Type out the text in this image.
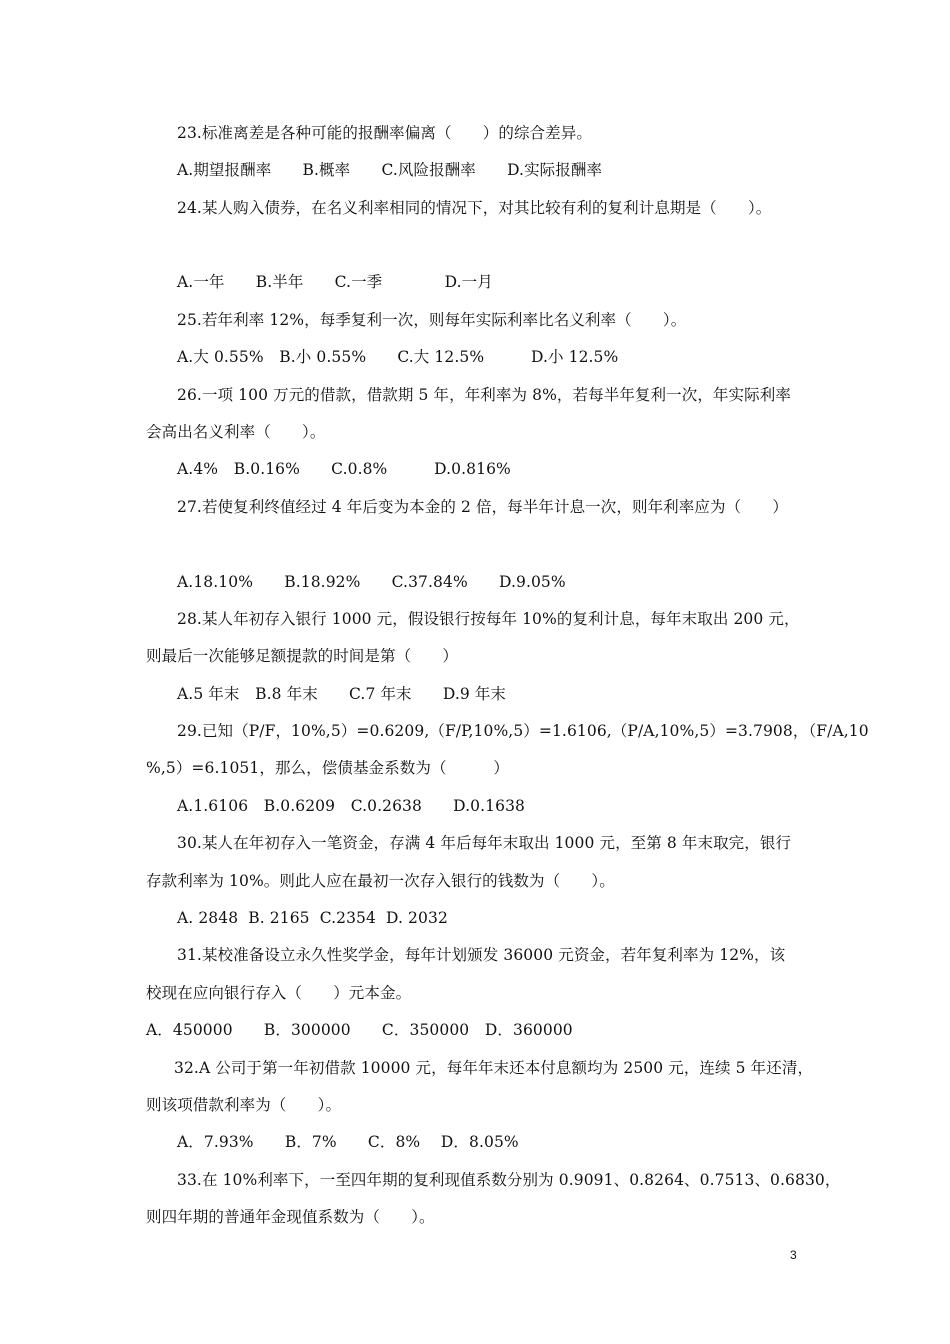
23.标准离差是各种可能的报酬率偏离（　　）的综合差异。
A.期望报酬率　　B.概率　　C.风险报酬率　　D.实际报酬率
24.某人购入债券，在名义利率相同的情况下，对其比较有利的复利计息期是（　　）。
A.一年　　B.半年　　C.一季　　　　D.一月
25.若年利率 12%，每季复利一次，则每年实际利率比名义利率（　　）。
A.大 0.55%　B.小 0.55%　　C.大 12.5%　　　D.小 12.5%
26.一项 100 万元的借款，借款期 5 年，年利率为 8%，若每半年复利一次，年实际利率
会高出名义利率（　　）。
A.4%　B.0.16%　　C.0.8%　　　D.0.816%
27.若使复利终值经过 4 年后变为本金的 2 倍，每半年计息一次，则年利率应为（　　）
A.18.10%　　B.18.92%　　C.37.84%　　D.9.05%
28.某人年初存入银行 1000 元，假设银行按每年 10%的复利计息，每年末取出 200 元，
则最后一次能够足额提款的时间是第（　　）
A.5 年末　B.8 年末　　C.7 年末　　D.9 年末
29.已知（P/F，10%,5）=0.6209,（F/P,10%,5）=1.6106,（P/A,10%,5）=3.7908，（F/A,10
%,5）=6.1051，那么，偿债基金系数为（　　　）
A.1.6106　B.0.6209　C.0.2638　　D.0.1638
30.某人在年初存入一笔资金，存满 4 年后每年末取出 1000 元，至第 8 年末取完，银行
存款利率为 10%。则此人应在最初一次存入银行的钱数为（　　）。
A. 2848  B. 2165  C.2354  D. 2032
31.某校准备设立永久性奖学金，每年计划颁发 36000 元资金，若年复利率为 12%，该
校现在应向银行存入（　　）元本金。
A．450000　　B．300000　　C．350000　D．360000
32.A 公司于第一年初借款 10000 元，每年年末还本付息额均为 2500 元，连续 5 年还清，
则该项借款利率为（　　）。
A．7.93%　　B．7%　　C．8%　 D．8.05%
33.在 10%利率下，一至四年期的复利现值系数分别为 0.9091、0.8264、0.7513、0.6830，
则四年期的普通年金现值系数为（　　）。
3
